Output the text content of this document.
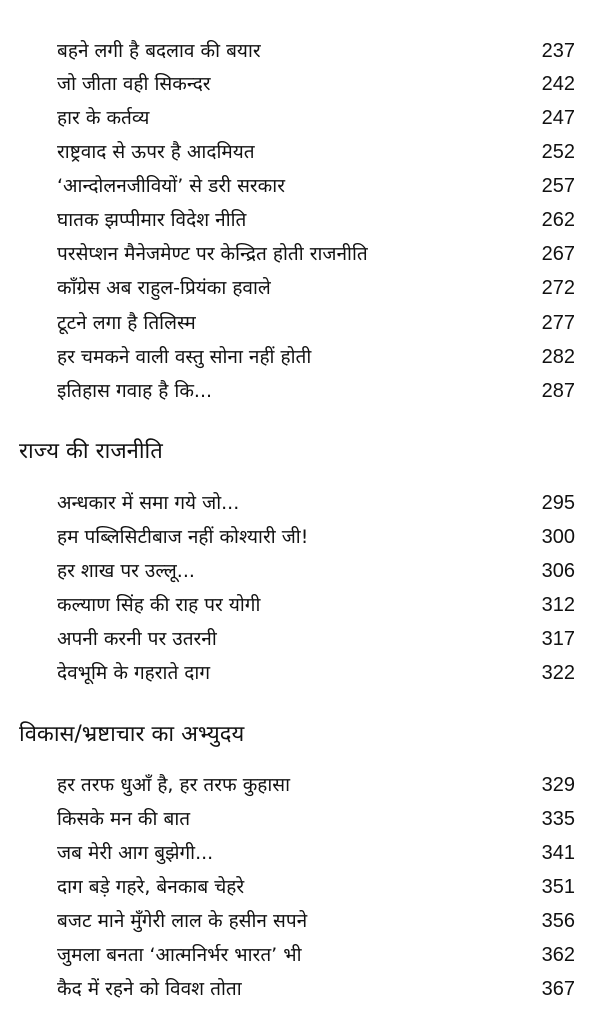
बहने लगी है बदलाव की बयार	237
जो जीता वही सिकन्दर	242
हार के कर्तव्य	247
राष्ट्रवाद से ऊपर है आदमियत	252
‘आन्दोलनजीवियों’ से डरी सरकार	257
घातक झप्पीमार विदेश नीति	262
परसेप्शन मैनेजमेण्ट पर केन्द्रित होती राजनीति	267
कॉंग्रेस अब राहुल-प्रियंका हवाले	272
टूटने लगा है तिलिस्म	277
हर चमकने वाली वस्तु सोना नहीं होती	282
इतिहास गवाह है कि...	287
राज्य की राजनीति
अन्धकार में समा गये जो...	295
हम पब्लिसिटीबाज नहीं कोश्यारी जी!	300
हर शाख पर उल्लू...	306
कल्याण सिंह की राह पर योगी	312
अपनी करनी पर उतरनी	317
देवभूमि के गहराते दाग	322
विकास/भ्रष्टाचार का अभ्युदय
हर तरफ धुआँ है, हर तरफ कुहासा	329
किसके मन की बात	335
जब मेरी आग बुझेगी...	341
दाग बड़े गहरे, बेनकाब चेहरे	351
बजट माने मुँगेरी लाल के हसीन सपने	356
जुमला बनता ‘आत्मनिर्भर भारत’ भी	362
कैद में रहने को विवश तोता	367
